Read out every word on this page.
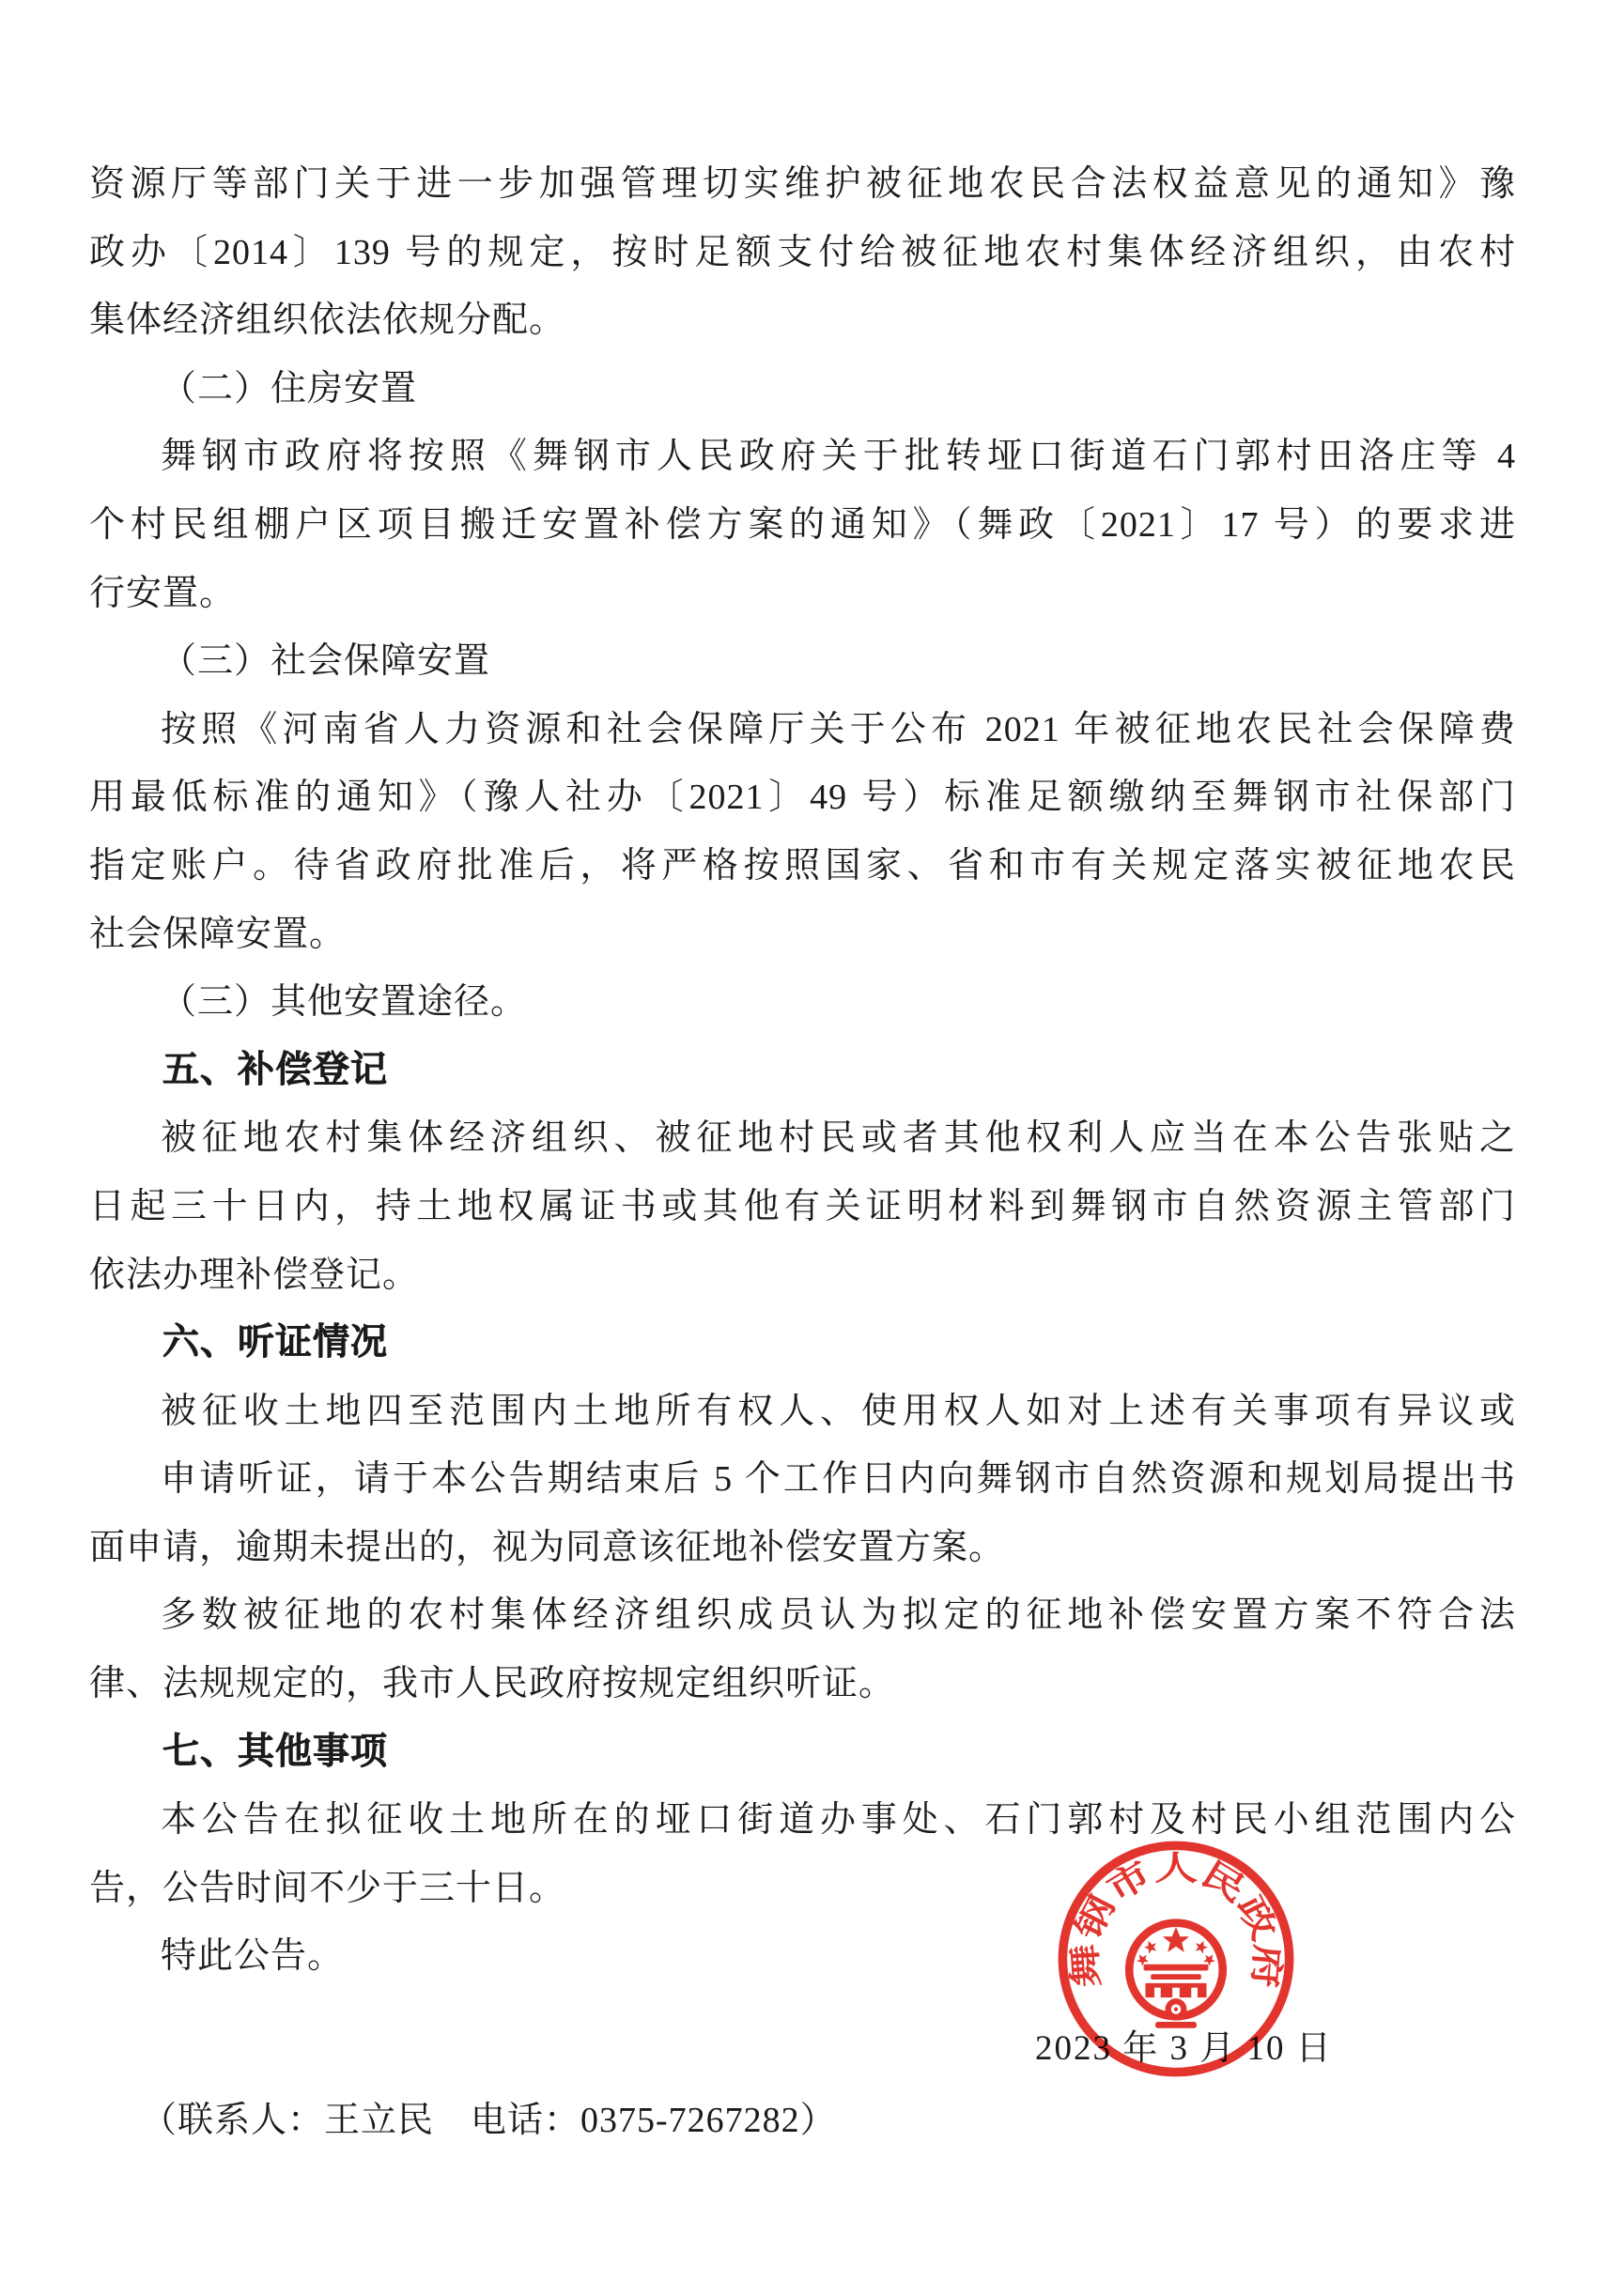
资源厅等部门关于进一步加强管理切实维护被征地农民合法权益意见的通知》豫
政办〔2014〕139 号的规定，按时足额支付给被征地农村集体经济组织，由农村
集体经济组织依法依规分配。
（二）住房安置
舞钢市政府将按照《舞钢市人民政府关于批转垭口街道石门郭村田洛庄等 4
个村民组棚户区项目搬迁安置补偿方案的通知》（舞政〔2021〕17 号）的要求进
行安置。
（三）社会保障安置
按照《河南省人力资源和社会保障厅关于公布 2021 年被征地农民社会保障费
用最低标准的通知》（豫人社办〔2021〕49 号）标准足额缴纳至舞钢市社保部门
指定账户。待省政府批准后，将严格按照国家、省和市有关规定落实被征地农民
社会保障安置。
（三）其他安置途径。
五、补偿登记
被征地农村集体经济组织、被征地村民或者其他权利人应当在本公告张贴之
日起三十日内，持土地权属证书或其他有关证明材料到舞钢市自然资源主管部门
依法办理补偿登记。
六、听证情况
被征收土地四至范围内土地所有权人、使用权人如对上述有关事项有异议或
申请听证，请于本公告期结束后 5 个工作日内向舞钢市自然资源和规划局提出书
面申请，逾期未提出的，视为同意该征地补偿安置方案。
多数被征地的农村集体经济组织成员认为拟定的征地补偿安置方案不符合法
律、法规规定的，我市人民政府按规定组织听证。
七、其他事项
本公告在拟征收土地所在的垭口街道办事处、石门郭村及村民小组范围内公
告，公告时间不少于三十日。
特此公告。
2023 年 3 月 10 日
（联系人：王立民　电话：0375-7267282）
舞钢市人民政府
